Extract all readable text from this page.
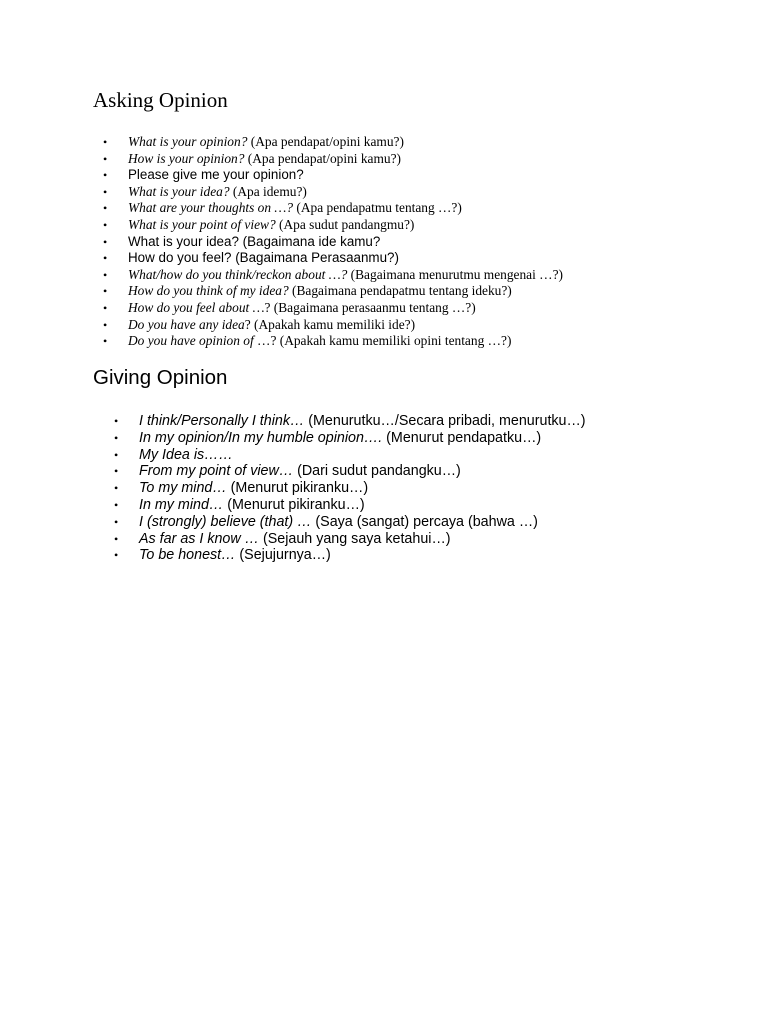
Asking Opinion
• What is your opinion? (Apa pendapat/opini kamu?)
• How is your opinion? (Apa pendapat/opini kamu?)
• Please give me your opinion?
• What is your idea? (Apa idemu?)
• What are your thoughts on …? (Apa pendapatmu tentang …?)
• What is your point of view? (Apa sudut pandangmu?)
• What is your idea? (Bagaimana ide kamu?
• How do you feel? (Bagaimana Perasaanmu?)
• What/how do you think/reckon about …? (Bagaimana menurutmu mengenai …?)
• How do you think of my idea? (Bagaimana pendapatmu tentang ideku?)
• How do you feel about …? (Bagaimana perasaanmu tentang …?)
• Do you have any idea? (Apakah kamu memiliki ide?)
• Do you have opinion of …? (Apakah kamu memiliki opini tentang …?)
Giving Opinion
• I think/Personally I think… (Menurutku…/Secara pribadi, menurutku…)
• In my opinion/In my humble opinion…. (Menurut pendapatku…)
• My Idea is……
• From my point of view… (Dari sudut pandangku…)
• To my mind… (Menurut pikiranku…)
• In my mind… (Menurut pikiranku…)
• I (strongly) believe (that) … (Saya (sangat) percaya (bahwa …)
• As far as I know … (Sejauh yang saya ketahui…)
• To be honest… (Sejujurnya…)
